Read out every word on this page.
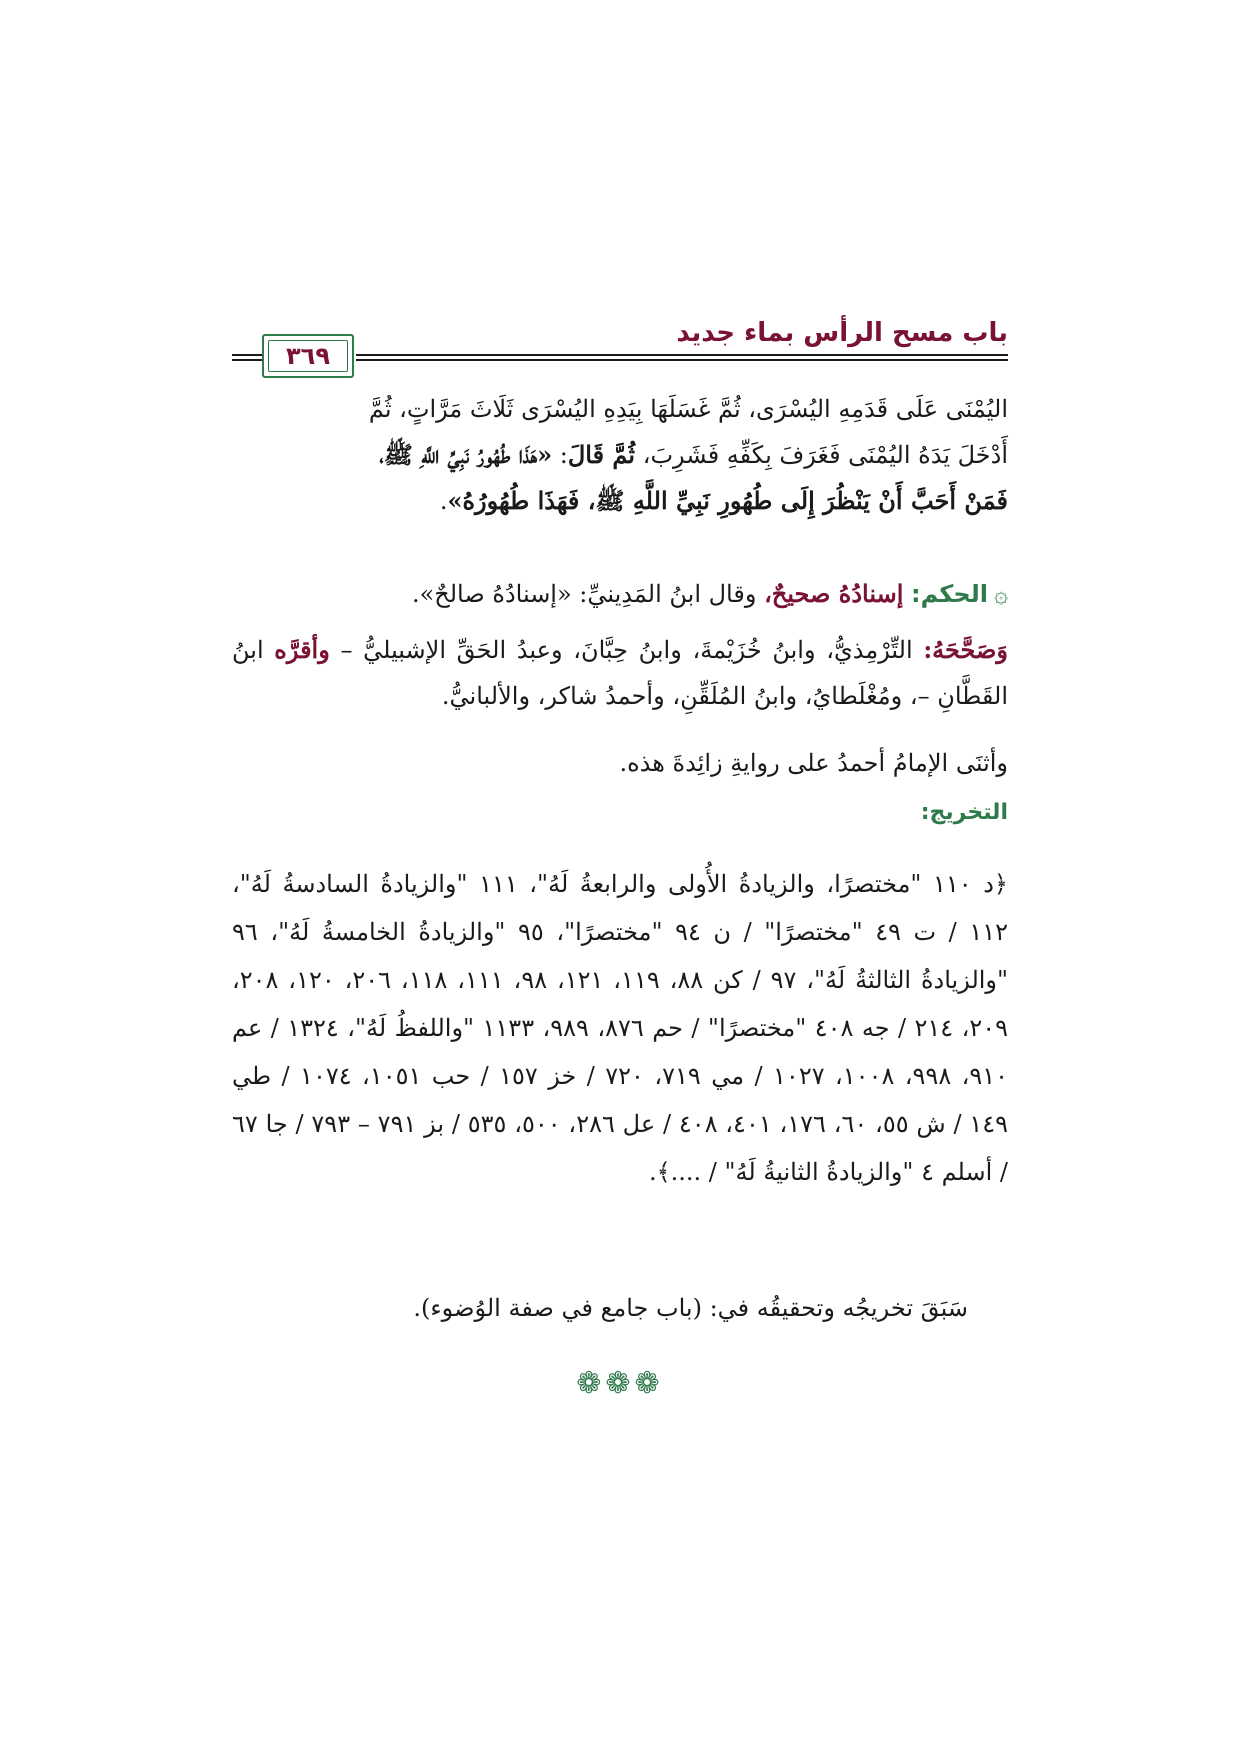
باب مسح الرأس بماء جديد
٣٦٩
اليُمْنَى عَلَى قَدَمِهِ اليُسْرَى، ثُمَّ غَسَلَهَا بِيَدِهِ اليُسْرَى ثَلَاثَ مَرَّاتٍ، ثُمَّ
أَدْخَلَ يَدَهُ اليُمْنَى فَغَرَفَ بِكَفِّهِ فَشَرِبَ، ثُمَّ قَالَ: «هَذَا طُهُورُ نَبِيِّ اللَّهِ ﷺ،
فَمَنْ أَحَبَّ أَنْ يَنْظُرَ إِلَى طُهُورِ نَبِيِّ اللَّهِ ﷺ، فَهَذَا طُهُورُهُ».
۞الحكم: إسنادُهُ صحيحٌ، وقال ابنُ المَدِينيِّ: «إسنادُهُ صالحٌ».
وَصَحَّحَهُ: التِّرْمِذيُّ، وابنُ خُزَيْمةَ، وابنُ حِبَّانَ، وعبدُ الحَقِّ الإشبيليُّ – وأقرَّه ابنُ القَطَّانِ –، ومُغْلَطايُ، وابنُ المُلَقِّنِ، وأحمدُ شاكر، والألبانيُّ.
وأثنَى الإمامُ أحمدُ على روايةِ زائِدةَ هذه.
التخريج:
﴿د ١١٠ "مختصرًا، والزيادةُ الأُولى والرابعةُ لَهُ"، ١١١ "والزيادةُ السادسةُ لَهُ"، ١١٢ / ت ٤٩ "مختصرًا" / ن ٩٤ "مختصرًا"، ٩٥ "والزيادةُ الخامسةُ لَهُ"، ٩٦ "والزيادةُ الثالثةُ لَهُ"، ٩٧ / كن ٨٨، ١١٩، ١٢١، ٩٨، ١١١، ١١٨، ٢٠٦، ١٢٠، ٢٠٨، ٢٠٩، ٢١٤ / جه ٤٠٨ "مختصرًا" / حم ٨٧٦، ٩٨٩، ١١٣٣ "واللفظُ لَهُ"، ١٣٢٤ / عم ٩١٠، ٩٩٨، ١٠٠٨، ١٠٢٧ / مي ٧١٩، ٧٢٠ / خز ١٥٧ / حب ١٠٥١، ١٠٧٤ / طي ١٤٩ / ش ٥٥، ٦٠، ١٧٦، ٤٠١، ٤٠٨ / عل ٢٨٦، ٥٠٠، ٥٣٥ / بز ٧٩١ – ٧٩٣ / جا ٦٧ / أسلم ٤ "والزيادةُ الثانيةُ لَهُ" / ....﴾.
سَبَقَ تخريجُه وتحقيقُه في: (باب جامع في صفة الوُضوء).
❁❁❁
